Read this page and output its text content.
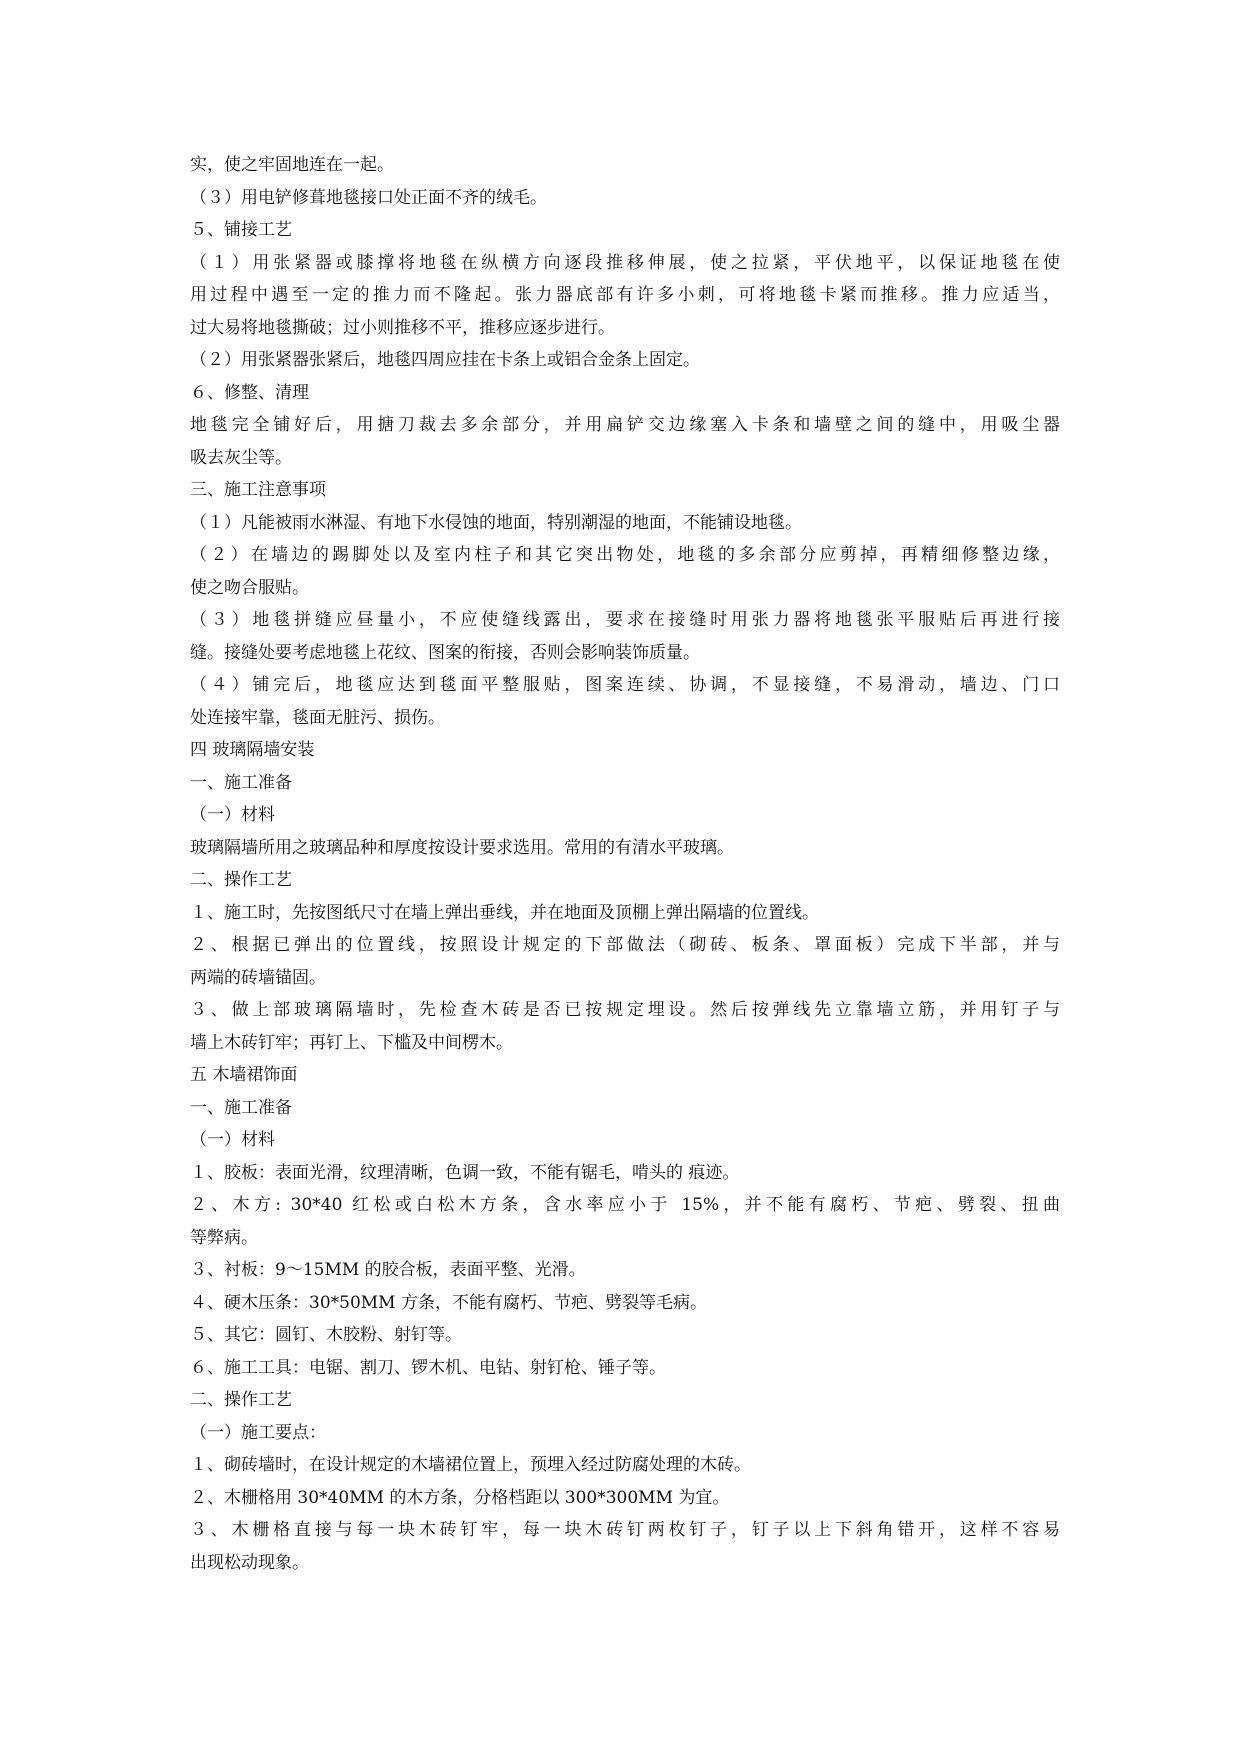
实，使之牢固地连在一起。
（３）用电铲修葺地毯接口处正面不齐的绒毛。
５、铺接工艺
（１）用张紧器或膝撑将地毯在纵横方向逐段推移伸展，使之拉紧，平伏地平，以保证地毯在使
用过程中遇至一定的推力而不隆起。张力器底部有许多小刺，可将地毯卡紧而推移。推力应适当，
过大易将地毯撕破；过小则推移不平，推移应逐步进行。
（２）用张紧器张紧后，地毯四周应挂在卡条上或铝合金条上固定。
６、修整、清理
地毯完全铺好后，用搪刀裁去多余部分，并用扁铲交边缘塞入卡条和墙壁之间的缝中，用吸尘器
吸去灰尘等。
三、施工注意事项
（１）凡能被雨水淋湿、有地下水侵蚀的地面，特别潮湿的地面，不能铺设地毯。
（２）在墙边的踢脚处以及室内柱子和其它突出物处，地毯的多余部分应剪掉，再精细修整边缘，
使之吻合服贴。
（３）地毯拼缝应昼量小，不应使缝线露出，要求在接缝时用张力器将地毯张平服贴后再进行接
缝。接缝处要考虑地毯上花纹、图案的衔接，否则会影响装饰质量。
（４）铺完后，地毯应达到毯面平整服贴，图案连续、协调，不显接缝，不易滑动，墙边、门口
处连接牢靠，毯面无脏污、损伤。
四 玻璃隔墙安装
一、施工准备
（一）材料
玻璃隔墙所用之玻璃品种和厚度按设计要求选用。常用的有清水平玻璃。
二、操作工艺
１、施工时，先按图纸尺寸在墙上弹出垂线，并在地面及顶棚上弹出隔墙的位置线。
２、根据已弹出的位置线，按照设计规定的下部做法（砌砖、板条、罩面板）完成下半部，并与
两端的砖墙锚固。
３、做上部玻璃隔墙时，先检查木砖是否已按规定埋设。然后按弹线先立靠墙立筋，并用钉子与
墙上木砖钉牢；再钉上、下槛及中间楞木。
五 木墙裙饰面
一、施工准备
（一）材料
１、胶板：表面光滑，纹理清晰，色调一致，不能有锯毛，啃头的 痕迹。
２、木方: 30*40 红松或白松木方条，含水率应小于 15%，并不能有腐朽、节疤、劈裂、扭曲
等弊病。
３、衬板：9～15MM 的胶合板，表面平整、光滑。
４、硬木压条：30*50MM 方条，不能有腐朽、节疤、劈裂等毛病。
５、其它：圆钉、木胶粉、射钉等。
６、施工工具：电锯、割刀、锣木机、电钻、射钉枪、锤子等。
二、操作工艺
（一）施工要点：
１、砌砖墙时，在设计规定的木墙裙位置上，预埋入经过防腐处理的木砖。
２、木栅格用 30*40MM 的木方条，分格档距以 300*300MM 为宜。
３、木栅格直接与每一块木砖钉牢，每一块木砖钉两枚钉子，钉子以上下斜角错开，这样不容易
出现松动现象。
